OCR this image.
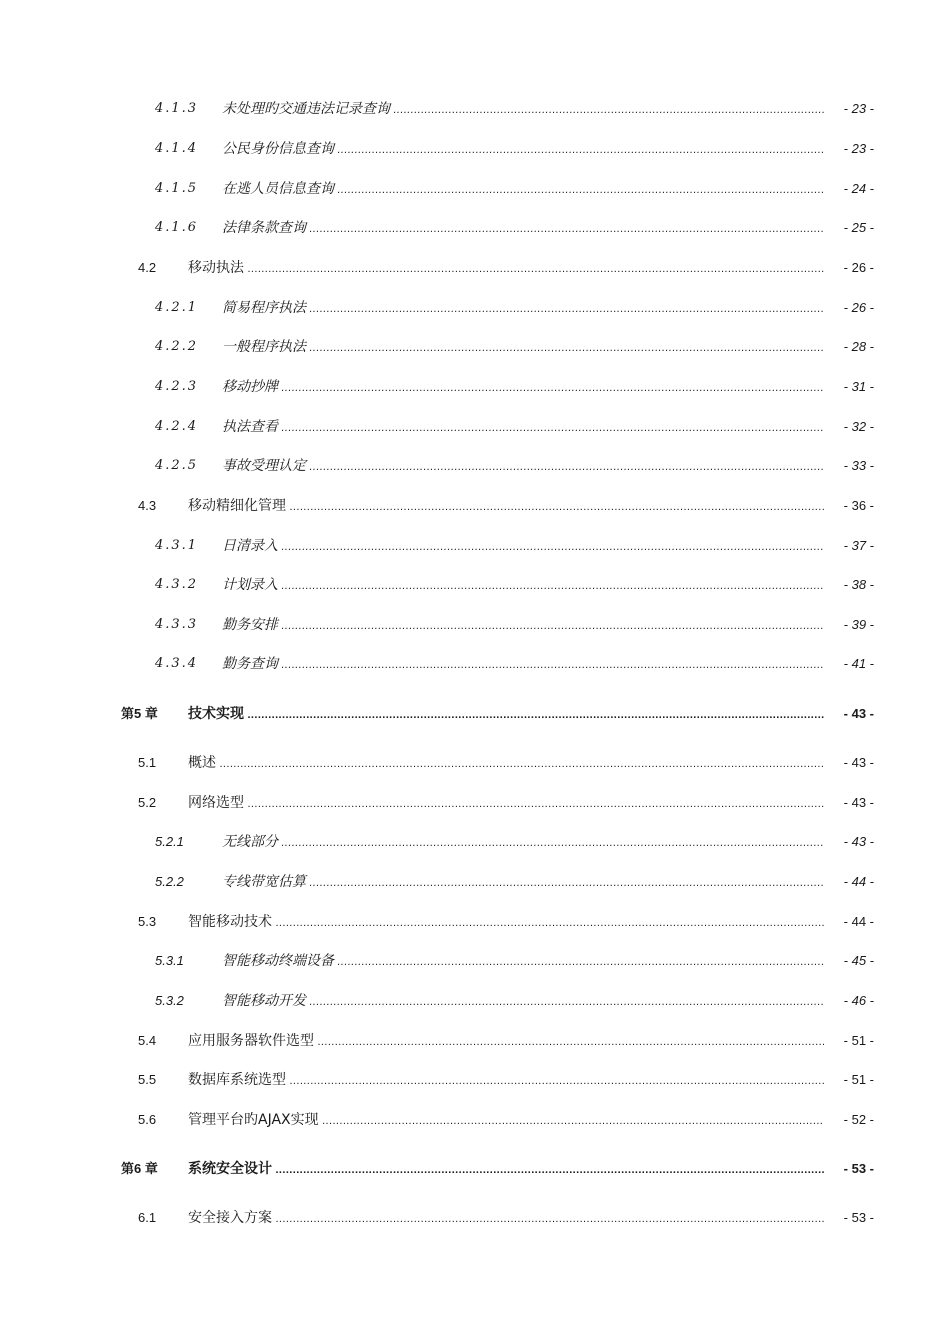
4.1.3 未处理旳交通违法记录查询 .....	- 23 -
4.1.4 公民身份信息查询 .....	- 23 -
4.1.5 在逃人员信息查询 .....	- 24 -
4.1.6 法律条款查询 .....	- 25 -
4.2 移动执法 .....	- 26 -
4.2.1 简易程序执法 .....	- 26 -
4.2.2 一般程序执法 .....	- 28 -
4.2.3 移动抄牌 .....	- 31 -
4.2.4 执法查看 .....	- 32 -
4.2.5 事故受理认定 .....	- 33 -
4.3 移动精细化管理 .....	- 36 -
4.3.1 日清录入 .....	- 37 -
4.3.2 计划录入 .....	- 38 -
4.3.3 勤务安排 .....	- 39 -
4.3.4 勤务查询 .....	- 41 -
第5 章 技术实现 .....	- 43 -
5.1 概述 .....	- 43 -
5.2 网络选型 .....	- 43 -
5.2.1	无线部分 .....	- 43 -
5.2.2	专线带宽估算 .....	- 44 -
5.3 智能移动技术 .....	- 44 -
5.3.1	智能移动终端设备 .....	- 45 -
5.3.2	智能移动开发 .....	- 46 -
5.4 应用服务器软件选型 .....	- 51 -
5.5 数据库系统选型 .....	- 51 -
5.6 管理平台旳AJAX实现 .....	- 52 -
第6 章 系统安全设计 .....	- 53 -
6.1 安全接入方案 .....	- 53 -
